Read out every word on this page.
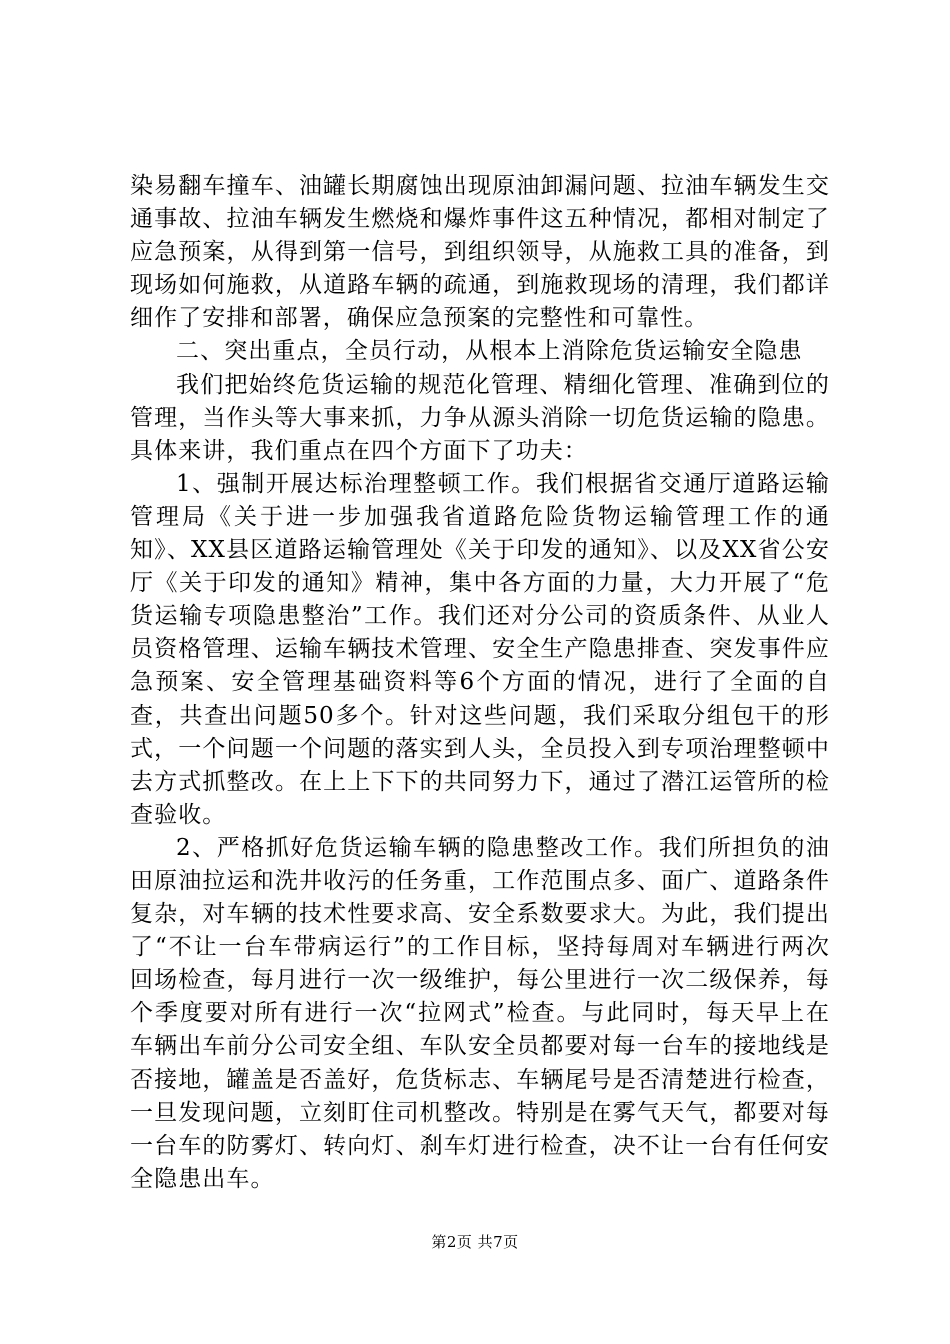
染易翻车撞车、油罐长期腐蚀出现原油卸漏问题、拉油车辆发生交通事故、拉油车辆发生燃烧和爆炸事件这五种情况，都相对制定了应急预案，从得到第一信号，到组织领导，从施救工具的准备，到现场如何施救，从道路车辆的疏通，到施救现场的清理，我们都详细作了安排和部署，确保应急预案的完整性和可靠性。

二、突出重点，全员行动，从根本上消除危货运输安全隐患

我们把始终危货运输的规范化管理、精细化管理、准确到位的管理，当作头等大事来抓，力争从源头消除一切危货运输的隐患。具体来讲，我们重点在四个方面下了功夫：

1、强制开展达标治理整顿工作。我们根据省交通厅道路运输管理局《关于进一步加强我省道路危险货物运输管理工作的通知》、XX县区道路运输管理处《关于印发的通知》、以及XX省公安厅《关于印发的通知》精神，集中各方面的力量，大力开展了“危货运输专项隐患整治”工作。我们还对分公司的资质条件、从业人员资格管理、运输车辆技术管理、安全生产隐患排查、突发事件应急预案、安全管理基础资料等6个方面的情况，进行了全面的自查，共查出问题50多个。针对这些问题，我们采取分组包干的形式，一个问题一个问题的落实到人头，全员投入到专项治理整顿中去方式抓整改。在上上下下的共同努力下，通过了潜江运管所的检查验收。

2、严格抓好危货运输车辆的隐患整改工作。我们所担负的油田原油拉运和洗井收污的任务重，工作范围点多、面广、道路条件复杂，对车辆的技术性要求高、安全系数要求大。为此，我们提出了“不让一台车带病运行”的工作目标，坚持每周对车辆进行两次回场检查，每月进行一次一级维护，每公里进行一次二级保养，每个季度要对所有进行一次“拉网式”检查。与此同时，每天早上在车辆出车前分公司安全组、车队安全员都要对每一台车的接地线是否接地，罐盖是否盖好，危货标志、车辆尾号是否清楚进行检查，一旦发现问题，立刻盯住司机整改。特别是在雾气天气，都要对每一台车的防雾灯、转向灯、刹车灯进行检查，决不让一台有任何安全隐患出车。

第2页 共7页
